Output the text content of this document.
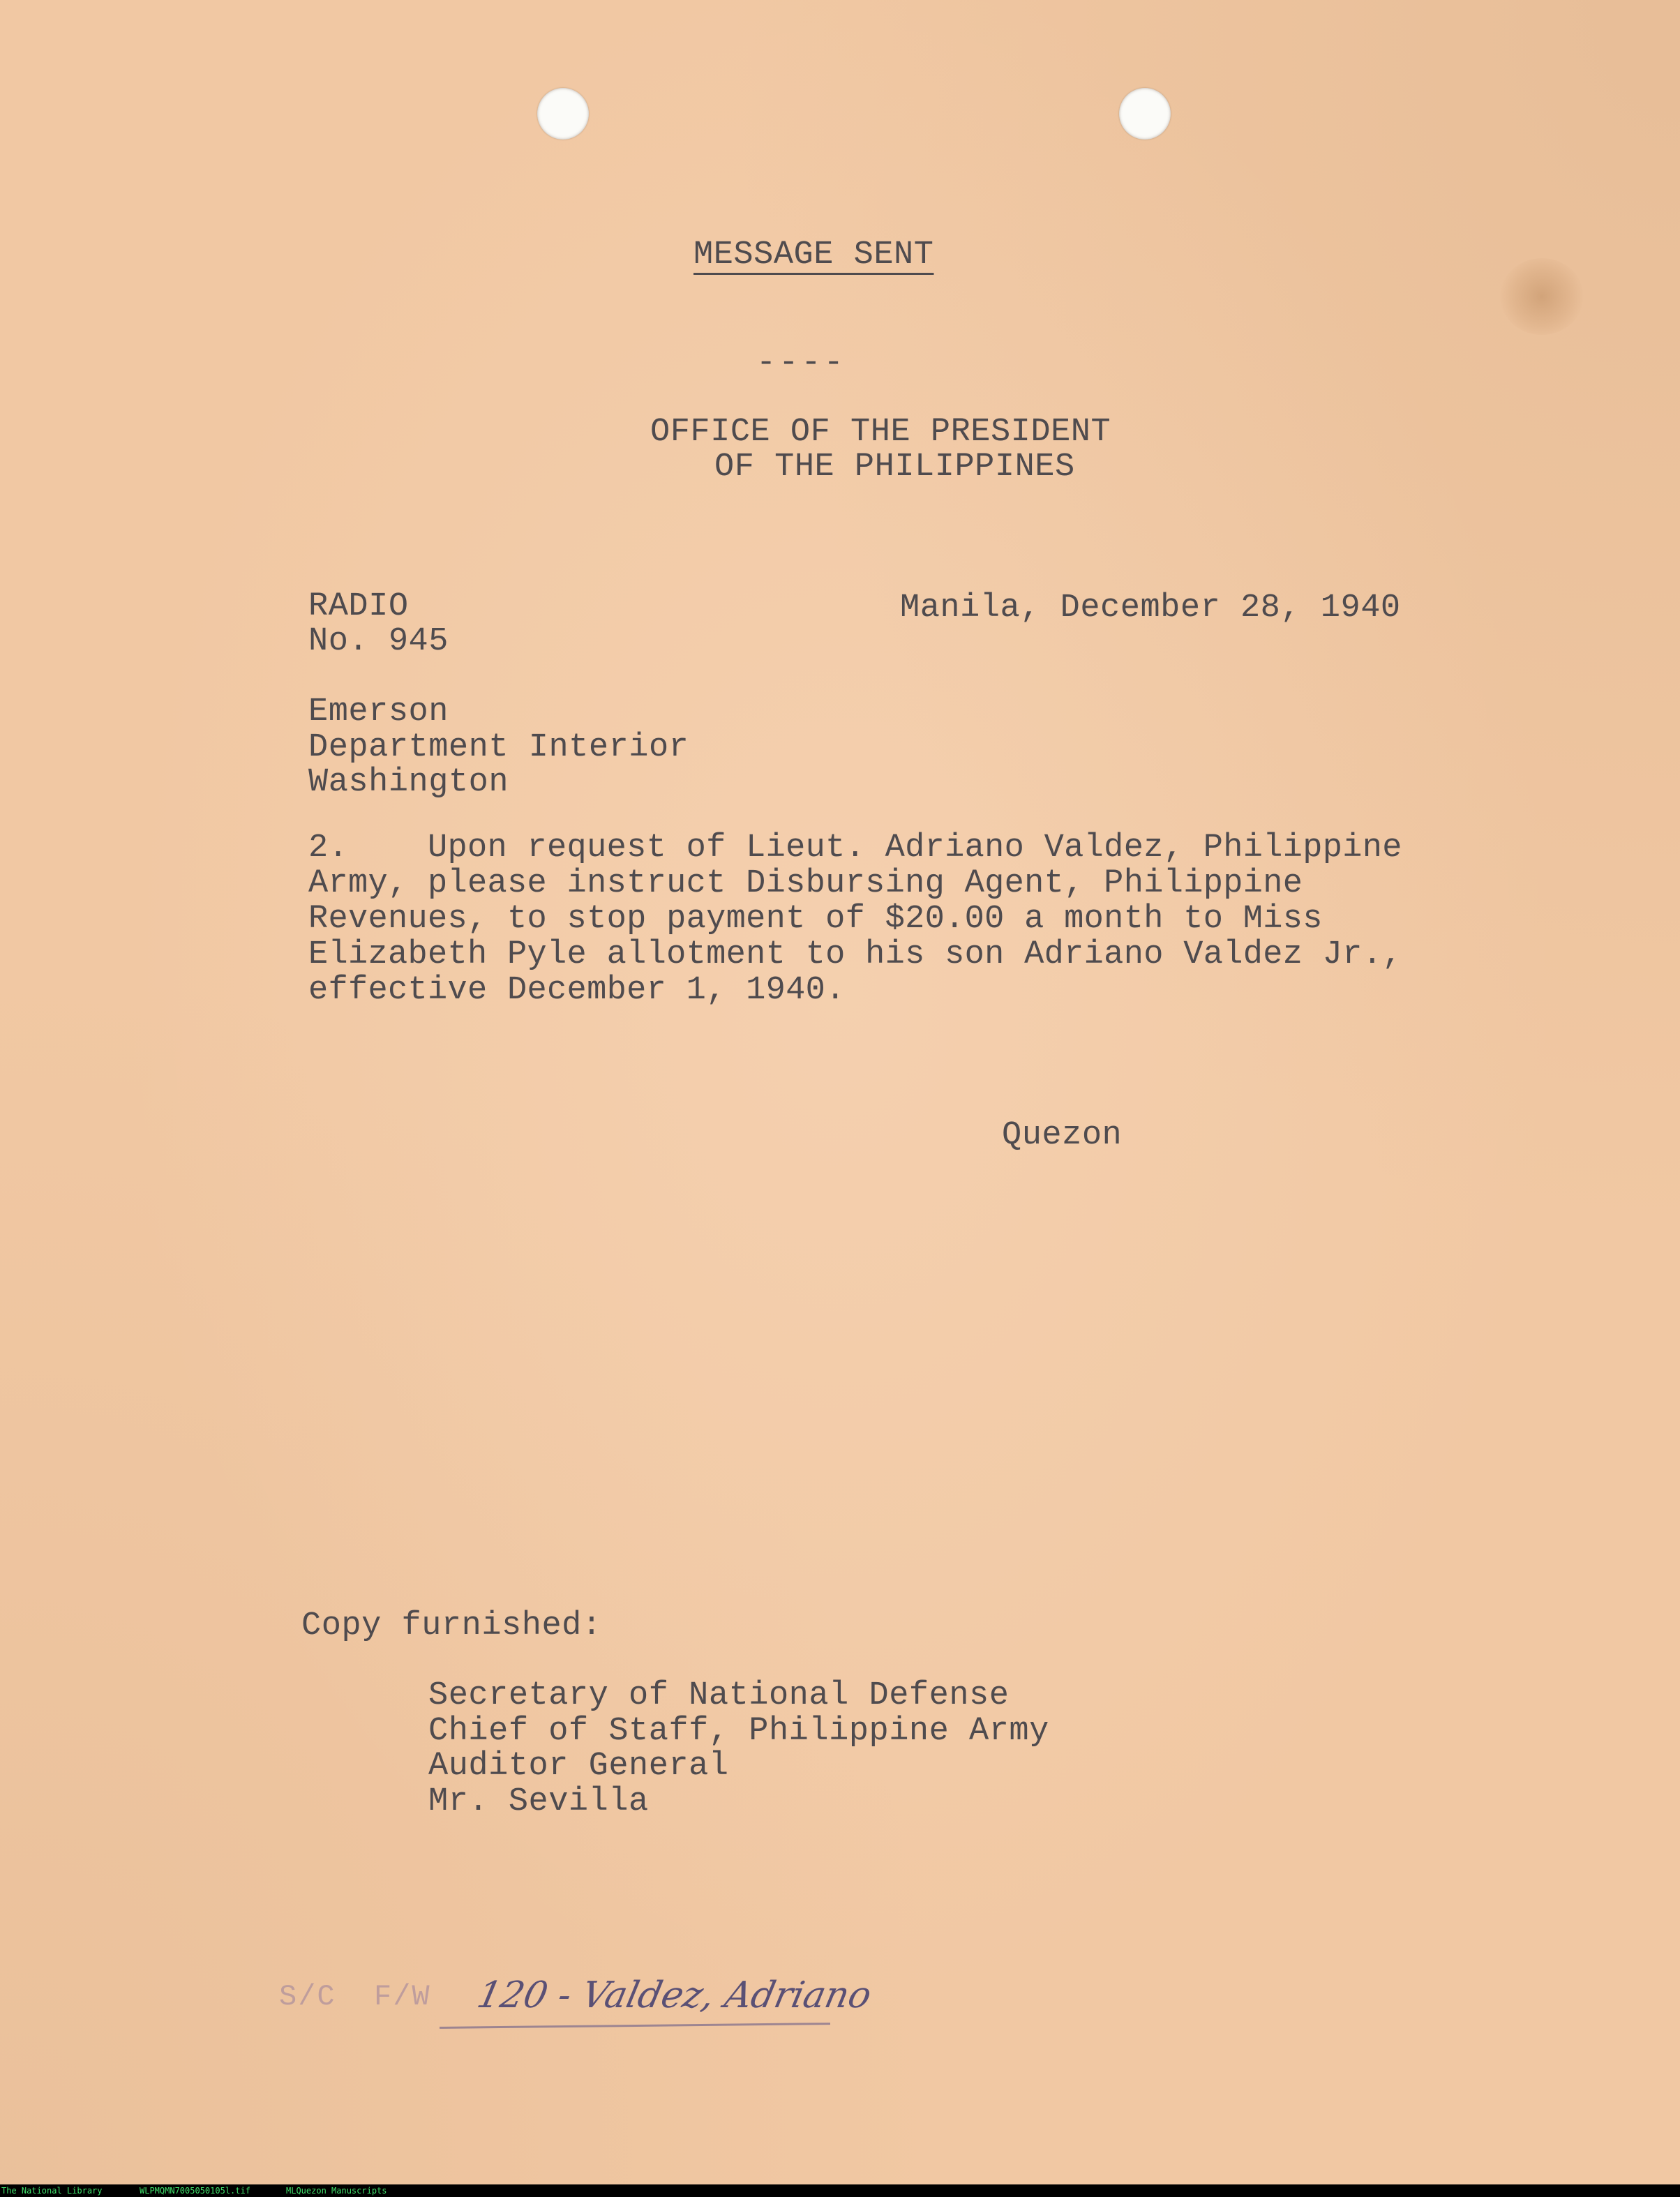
MESSAGE SENT

----

OFFICE OF THE PRESIDENT

OF THE PHILIPPINES

RADIO

No. 945

Manila, December 28, 1940

Emerson
Department Interior
Washington
2.    Upon request of Lieut. Adriano Valdez, Philippine
Army, please instruct Disbursing Agent, Philippine
Revenues, to stop payment of $20.00 a month to Miss
Elizabeth Pyle allotment to his son Adriano Valdez Jr.,
effective December 1, 1940.

Quezon

Copy furnished:

Secretary of National Defense
Chief of Staff, Philippine Army
Auditor General
Mr. Sevilla
S/C  F/W 120 - Valdez, Adriano
The National Library	WLPMQMN7005050105l.tif	MLQuezon Manuscripts
